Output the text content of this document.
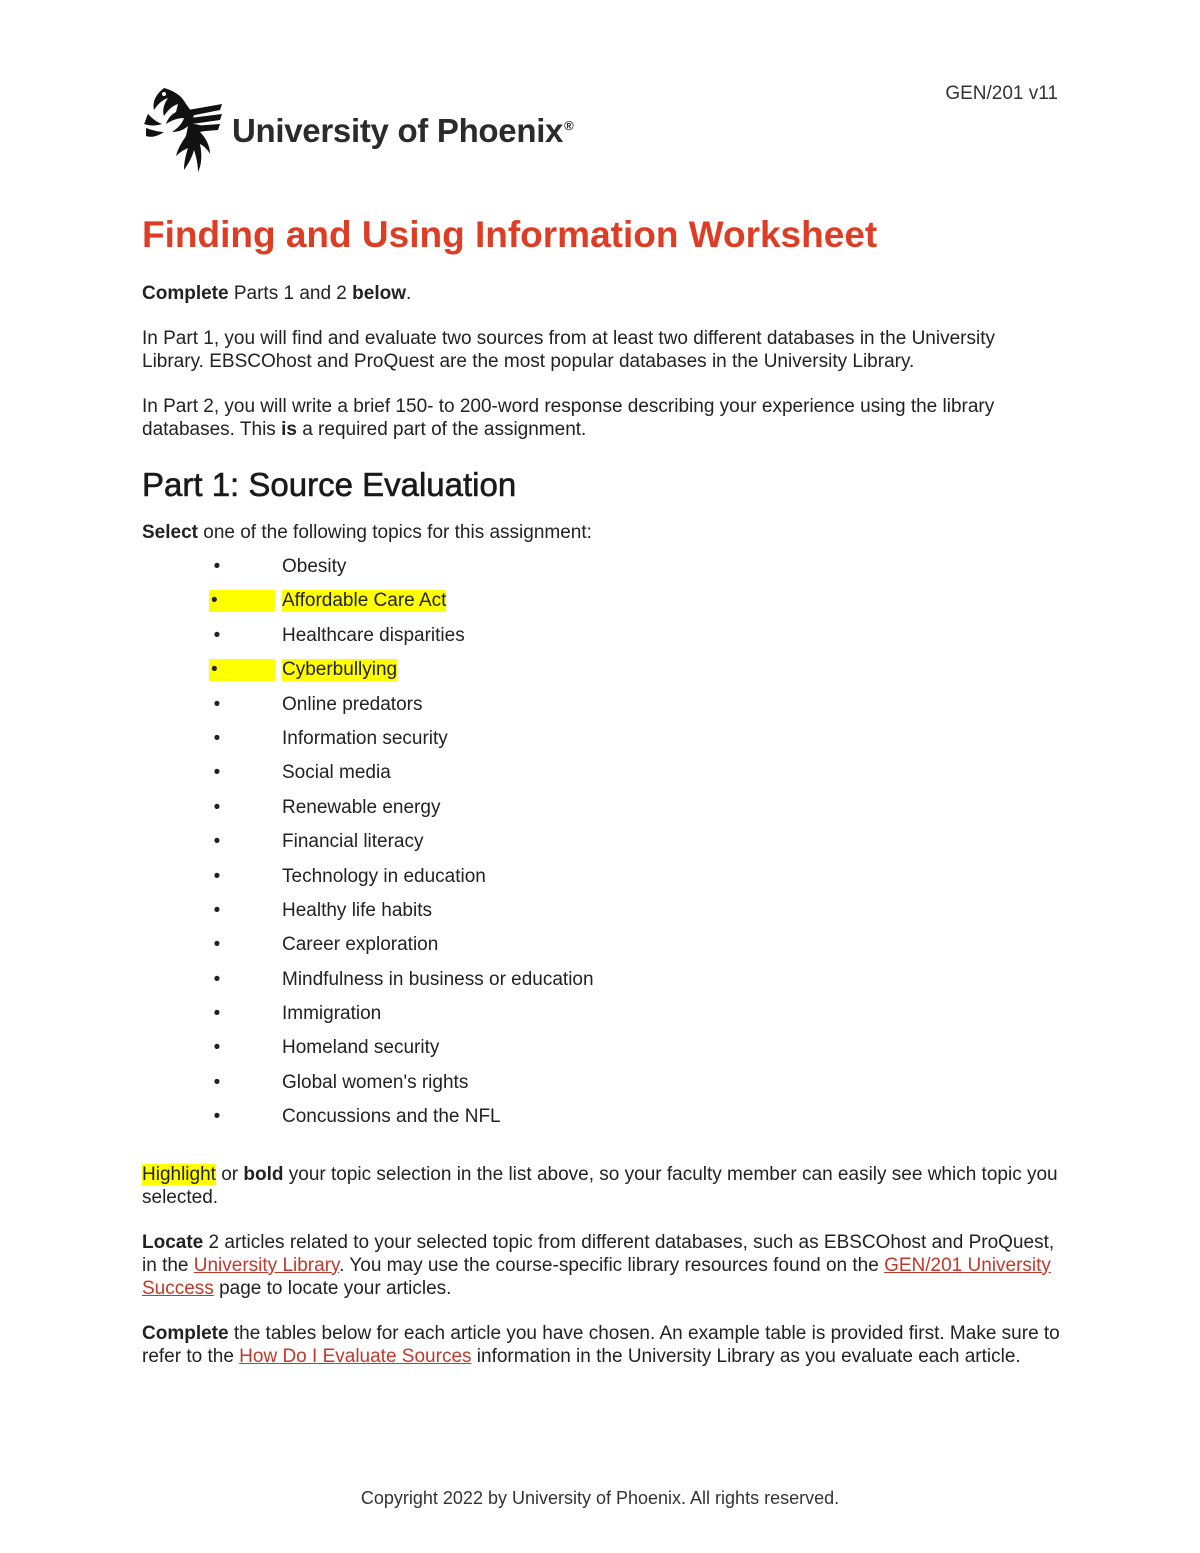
GEN/201 v11
University of Phoenix®
Finding and Using Information Worksheet

Complete Parts 1 and 2 below.

In Part 1, you will find and evaluate two sources from at least two different databases in the University Library. EBSCOhost and ProQuest are the most popular databases in the University Library.

In Part 2, you will write a brief 150- to 200-word response describing your experience using the library databases. This is a required part of the assignment.

Part 1: Source Evaluation

Select one of the following topics for this assignment:

•	Obesity
•	Affordable Care Act
•	Healthcare disparities
•	Cyberbullying
•	Online predators
•	Information security
•	Social media
•	Renewable energy
•	Financial literacy
•	Technology in education
•	Healthy life habits
•	Career exploration
•	Mindfulness in business or education
•	Immigration
•	Homeland security
•	Global women's rights
•	Concussions and the NFL

Highlight or bold your topic selection in the list above, so your faculty member can easily see which topic you selected.

Locate 2 articles related to your selected topic from different databases, such as EBSCOhost and ProQuest, in the University Library. You may use the course-specific library resources found on the GEN/201 University Success page to locate your articles.

Complete the tables below for each article you have chosen. An example table is provided first. Make sure to refer to the How Do I Evaluate Sources information in the University Library as you evaluate each article.

Copyright 2022 by University of Phoenix. All rights reserved.
